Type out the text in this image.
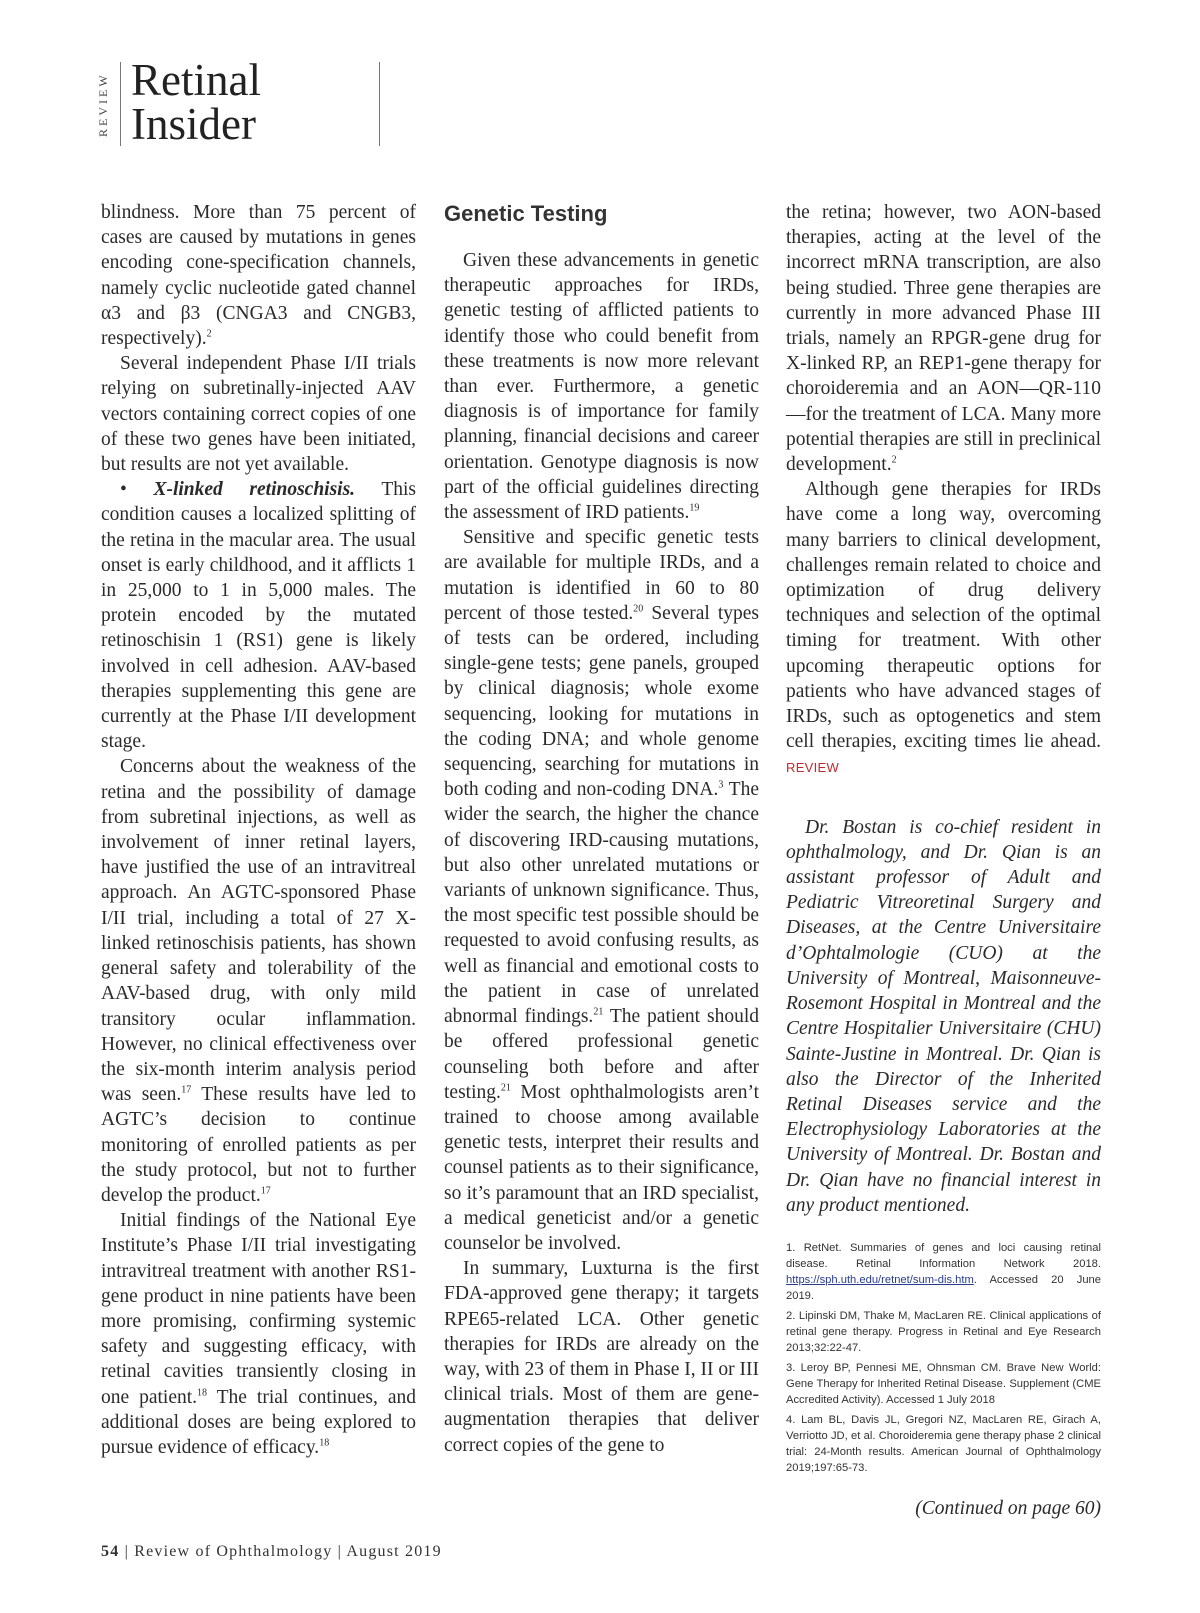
REVIEW Retinal
Insider

blindness. More than 75 percent of cases are caused by mutations in genes encoding cone-specification channels, namely cyclic nucleotide gated channel α3 and β3 (CNGA3 and CNGB3, respectively).$^2$

Several independent Phase I/II trials relying on subretinally-injected AAV vectors containing correct copies of one of these two genes have been initiated, but results are not yet available.

• X-linked retinoschisis. This condition causes a localized splitting of the retina in the macular area. The usual onset is early childhood, and it afflicts 1 in 25,000 to 1 in 5,000 males. The protein encoded by the mutated retinoschisin 1 (RS1) gene is likely involved in cell adhesion. AAV-based therapies supplementing this gene are currently at the Phase I/II development stage.

Concerns about the weakness of the retina and the possibility of damage from subretinal injections, as well as involvement of inner retinal layers, have justified the use of an intravitreal approach. An AGTC-sponsored Phase I/II trial, including a total of 27 X-linked retinoschisis patients, has shown general safety and tolerability of the AAV-based drug, with only mild transitory ocular inflammation. However, no clinical effectiveness over the six-month interim analysis period was seen.$^{17}$ These results have led to AGTC’s decision to continue monitoring of enrolled patients as per the study protocol, but not to further develop the product.$^{17}$

Initial findings of the National Eye Institute’s Phase I/II trial investigating intravitreal treatment with another RS1-gene product in nine patients have been more promising, confirming systemic safety and suggesting efficacy, with retinal cavities transiently closing in one patient.$^{18}$ The trial continues, and additional doses are being explored to pursue evidence of efficacy.$^{18}$

Genetic Testing

Given these advancements in genetic therapeutic approaches for IRDs, genetic testing of afflicted patients to identify those who could benefit from these treatments is now more relevant than ever. Furthermore, a genetic diagnosis is of importance for family planning, financial decisions and career orientation. Genotype diagnosis is now part of the official guidelines directing the assessment of IRD patients.$^{19}$

Sensitive and specific genetic tests are available for multiple IRDs, and a mutation is identified in 60 to 80 percent of those tested.$^{20}$ Several types of tests can be ordered, including single-gene tests; gene panels, grouped by clinical diagnosis; whole exome sequencing, looking for mutations in the coding DNA; and whole genome sequencing, searching for mutations in both coding and non-coding DNA.$^3$ The wider the search, the higher the chance of discovering IRD-causing mutations, but also other unrelated mutations or variants of unknown significance. Thus, the most specific test possible should be requested to avoid confusing results, as well as financial and emotional costs to the patient in case of unrelated abnormal findings.$^{21}$ The patient should be offered professional genetic counseling both before and after testing.$^{21}$ Most ophthalmologists aren’t trained to choose among available genetic tests, interpret their results and counsel patients as to their significance, so it’s paramount that an IRD specialist, a medical geneticist and/or a genetic counselor be involved.

In summary, Luxturna is the first FDA-approved gene therapy; it targets RPE65-related LCA. Other genetic therapies for IRDs are already on the way, with 23 of them in Phase I, II or III clinical trials. Most of them are gene-augmentation therapies that deliver correct copies of the gene to

the retina; however, two AON-based therapies, acting at the level of the incorrect mRNA transcription, are also being studied. Three gene therapies are currently in more advanced Phase III trials, namely an RPGR-gene drug for X-linked RP, an REP1-gene therapy for choroideremia and an AON—QR-110—for the treatment of LCA. Many more potential therapies are still in preclinical development.$^2$

Although gene therapies for IRDs have come a long way, overcoming many barriers to clinical development, challenges remain related to choice and optimization of drug delivery techniques and selection of the optimal timing for treatment. With other upcoming therapeutic options for patients who have advanced stages of IRDs, such as optogenetics and stem cell therapies, exciting times lie ahead. REVIEW

Dr. Bostan is co-chief resident in ophthalmology, and Dr. Qian is an assistant professor of Adult and Pediatric Vitreoretinal Surgery and Diseases, at the Centre Universitaire d’Ophtalmologie (CUO) at the University of Montreal, Maisonneuve-Rosemont Hospital in Montreal and the Centre Hospitalier Universitaire (CHU) Sainte-Justine in Montreal. Dr. Qian is also the Director of the Inherited Retinal Diseases service and the Electrophysiology Laboratories at the University of Montreal. Dr. Bostan and Dr. Qian have no financial interest in any product mentioned.

1. RetNet. Summaries of genes and loci causing retinal disease. Retinal Information Network 2018. https://sph.uth.edu/retnet/sum-dis.htm. Accessed 20 June 2019.
2. Lipinski DM, Thake M, MacLaren RE. Clinical applications of retinal gene therapy. Progress in Retinal and Eye Research 2013;32:22-47.
3. Leroy BP, Pennesi ME, Ohnsman CM. Brave New World: Gene Therapy for Inherited Retinal Disease. Supplement (CME Accredited Activity). Accessed 1 July 2018
4. Lam BL, Davis JL, Gregori NZ, MacLaren RE, Girach A, Verriotto JD, et al. Choroideremia gene therapy phase 2 clinical trial: 24-Month results. American Journal of Ophthalmology 2019;197:65-73.
(Continued on page 60)
54 | Review of Ophthalmology | August 2019
